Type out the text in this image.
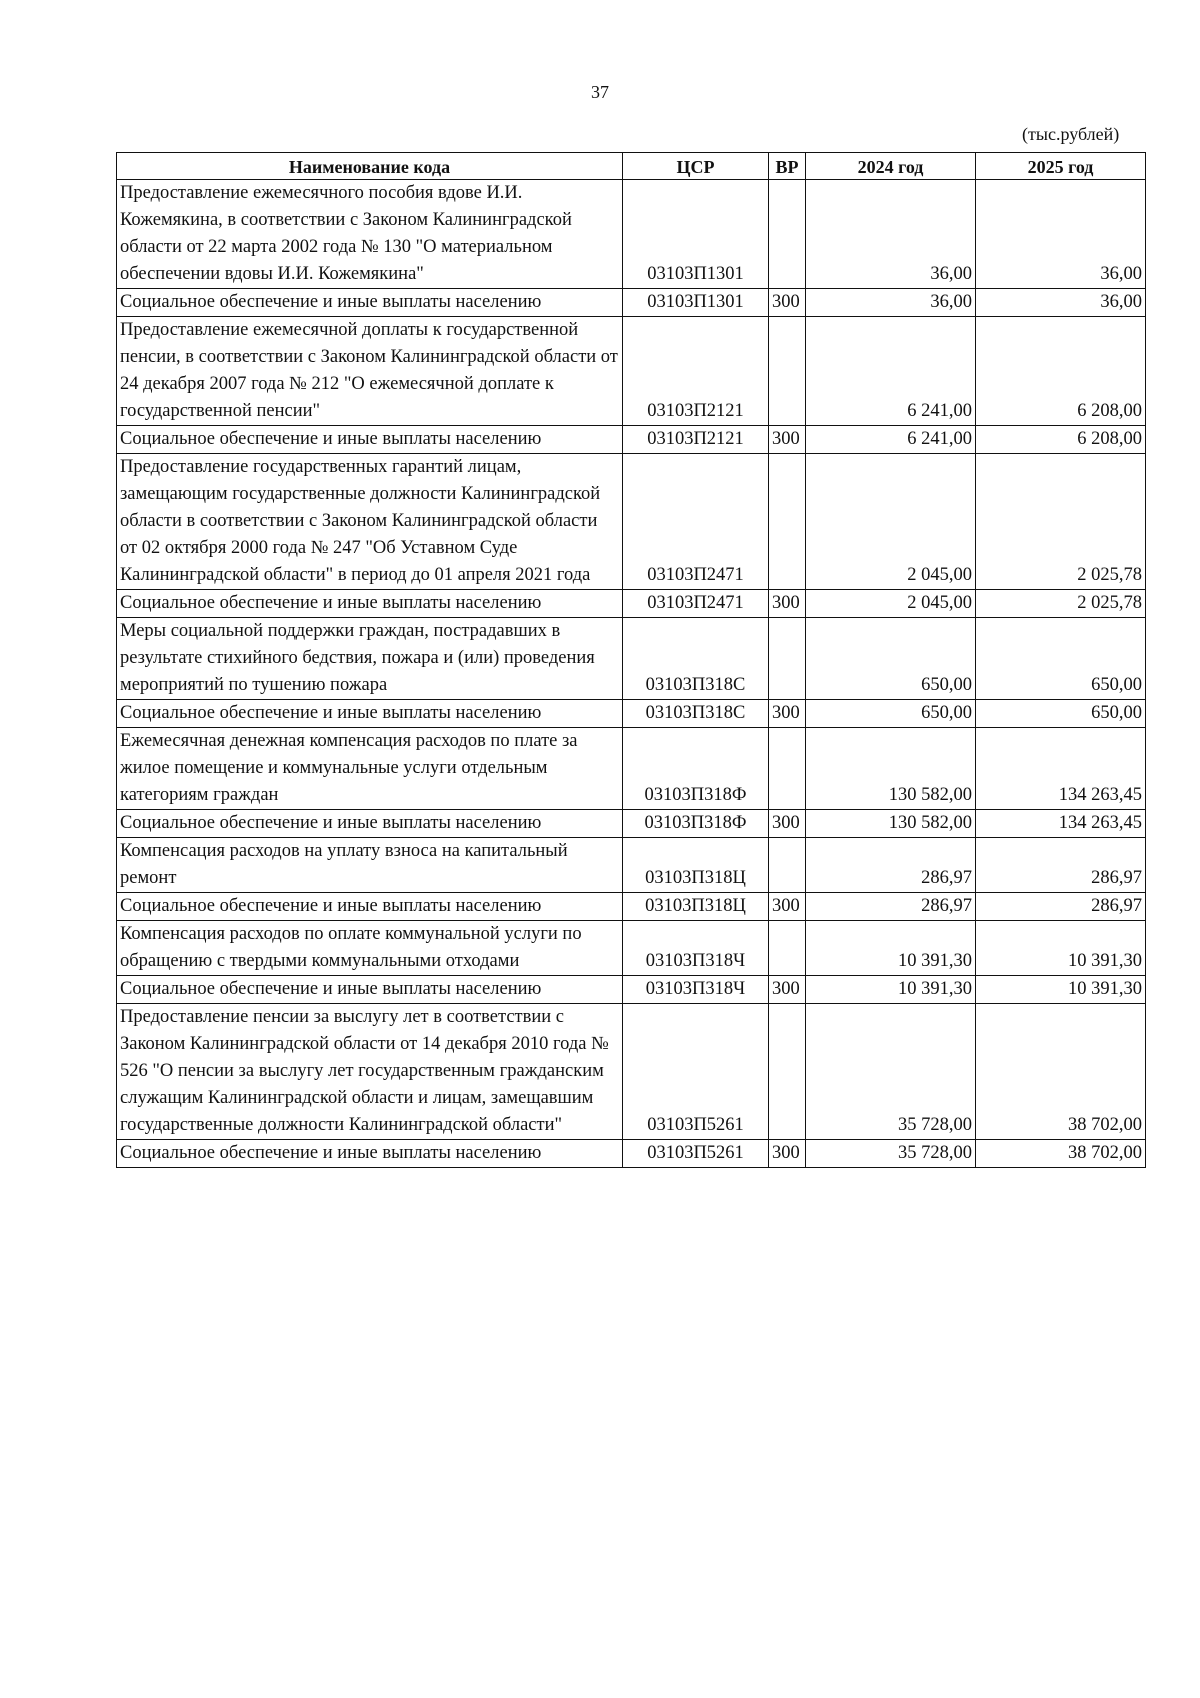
37
(тыс.рублей)
Наименование кода	ЦСР	ВР	2024 год	2025 год
Предоставление ежемесячного пособия вдове И.И. Кожемякина, в соответствии с Законом Калининградской области от 22 марта 2002 года № 130 "О материальном обеспечении вдовы И.И. Кожемякина"	03103П1301		36,00	36,00
Социальное обеспечение и иные выплаты населению	03103П1301	300	36,00	36,00
Предоставление ежемесячной доплаты к государственной пенсии, в соответствии с Законом Калининградской области от 24 декабря 2007 года № 212 "О ежемесячной доплате к государственной пенсии"	03103П2121		6 241,00	6 208,00
Социальное обеспечение и иные выплаты населению	03103П2121	300	6 241,00	6 208,00
Предоставление государственных гарантий лицам, замещающим государственные должности Калининградской области в соответствии с Законом Калининградской области от 02 октября 2000 года № 247 "Об Уставном Суде Калининградской области" в период до 01 апреля 2021 года	03103П2471		2 045,00	2 025,78
Социальное обеспечение и иные выплаты населению	03103П2471	300	2 045,00	2 025,78
Меры социальной поддержки граждан, пострадавших в результате стихийного бедствия, пожара и (или) проведения мероприятий по тушению пожара	03103П318С		650,00	650,00
Социальное обеспечение и иные выплаты населению	03103П318С	300	650,00	650,00
Ежемесячная денежная компенсация расходов по плате за жилое помещение и коммунальные услуги отдельным категориям граждан	03103П318Ф		130 582,00	134 263,45
Социальное обеспечение и иные выплаты населению	03103П318Ф	300	130 582,00	134 263,45
Компенсация расходов на уплату взноса на капитальный ремонт	03103П318Ц		286,97	286,97
Социальное обеспечение и иные выплаты населению	03103П318Ц	300	286,97	286,97
Компенсация расходов по оплате коммунальной услуги по обращению с твердыми коммунальными отходами	03103П318Ч		10 391,30	10 391,30
Социальное обеспечение и иные выплаты населению	03103П318Ч	300	10 391,30	10 391,30
Предоставление пенсии за выслугу лет в соответствии с Законом Калининградской области от 14 декабря 2010 года № 526 "О пенсии за выслугу лет государственным гражданским служащим Калининградской области и лицам, замещавшим государственные должности Калининградской области"	03103П5261		35 728,00	38 702,00
Социальное обеспечение и иные выплаты населению	03103П5261	300	35 728,00	38 702,00
